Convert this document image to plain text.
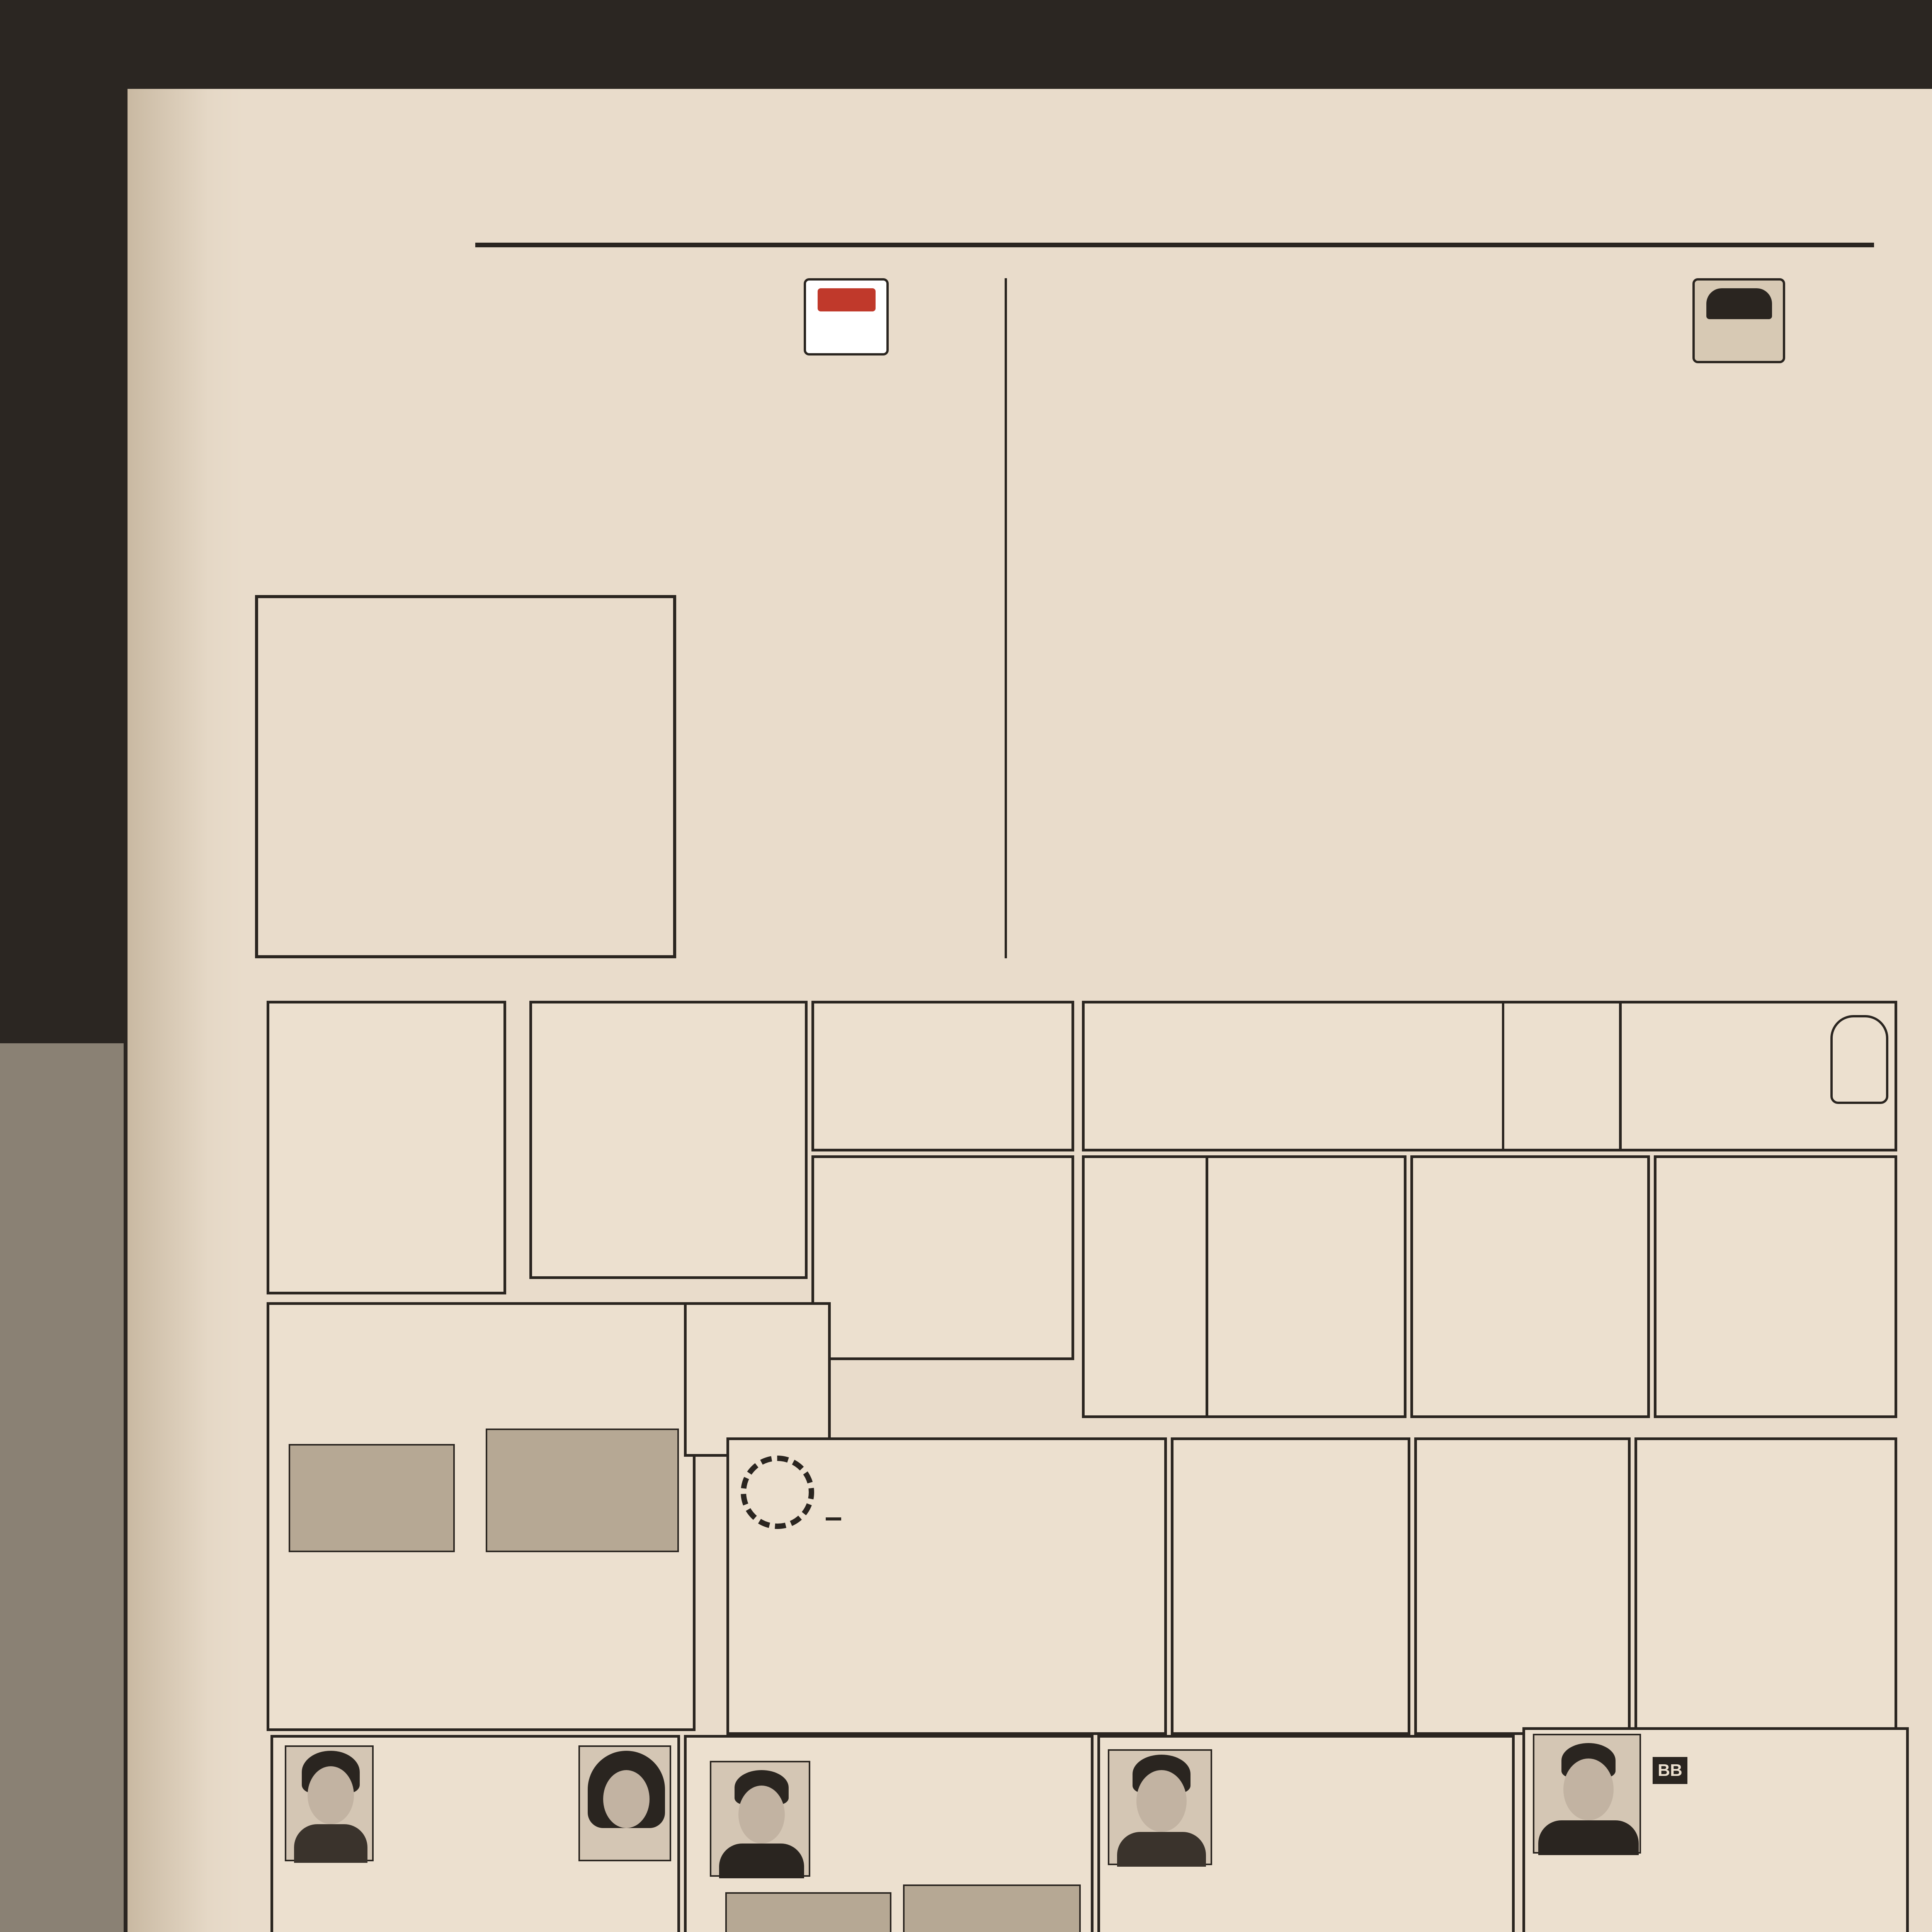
BB
